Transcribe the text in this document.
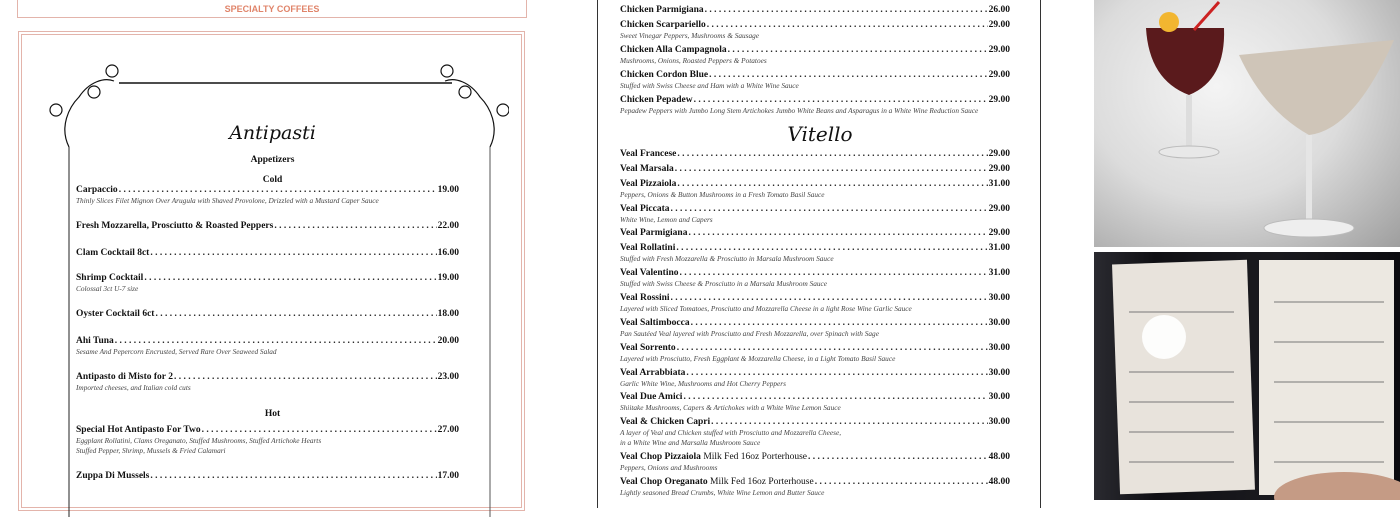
SPECIALTY COFFEES
Antipasti
Appetizers
Cold
Hot
Carpaccio . . .	19.00
Thinly Slices Filet Mignon Over Arugula with Shaved Provolone, Drizzled with a Mustard Caper Sauce
Fresh Mozzarella, Prosciutto & Roasted Peppers . . .	22.00
Clam Cocktail 8ct . . .	16.00
Shrimp Cocktail . . .	19.00
Colossal 3ct U-7 size
Oyster Cocktail 6ct . . .	18.00
Ahi Tuna . . .	20.00
Sesame And Pepercorn Encrusted, Served Rare Over Seaweed Salad
Antipasto di Misto for 2 . . .	23.00
Imported cheeses, and Italian cold cuts
Special Hot Antipasto For Two . . .	27.00
Eggplant Rollatini, Clams Oreganato, Stuffed Mushrooms, Stuffed Artichoke Hearts
Stuffed Pepper, Shrimp, Mussels & Fried Calamari
Zuppa Di Mussels . . .	17.00
Vitello
Chicken Parmigiana . . .	26.00
Chicken Scarpariello . . .	29.00
Sweet Vinegar Peppers, Mushrooms & Sausage
Chicken Alla Campagnola . . .	29.00
Mushrooms, Onions, Roasted Peppers & Potatoes
Chicken Cordon Blue . . .	29.00
Stuffed with Swiss Cheese and Ham with a White Wine Sauce
Chicken Pepadew . . .	29.00
Pepadew Peppers with Jumbo Long Stem Artichokes Jumbo White Beans and Asparagus in a White Wine Reduction Sauce
Veal Francese . . .	29.00
Veal Marsala . . .	29.00
Veal Pizzaiola . . .	31.00
Peppers, Onions & Button Mushrooms in a Fresh Tomato Basil Sauce
Veal Piccata . . .	29.00
White Wine, Lemon and Capers
Veal Parmigiana . . .	29.00
Veal Rollatini . . .	31.00
Stuffed with Fresh Mozzarella & Prosciutto in Marsala Mushroom Sauce
Veal Valentino . . .	31.00
Stuffed with Swiss Cheese & Prosciutto in a Marsala Mushroom Sauce
Veal Rossini . . .	30.00
Layered with Sliced Tomatoes, Prosciutto and Mozzarella Cheese in a light Rose Wine Garlic Sauce
Veal Saltimbocca . . .	30.00
Pan Sautéed Veal layered with Prosciutto and Fresh Mozzarella, over Spinach with Sage
Veal Sorrento . . .	30.00
Layered with Prosciutto, Fresh Eggplant & Mozzarella Cheese, in a Light Tomato Basil Sauce
Veal Arrabbiata . . .	30.00
Garlic White Wine, Mushrooms and Hot Cherry Peppers
Veal Due Amici . . .	30.00
Shiitake Mushrooms, Capers & Artichokes with a White Wine Lemon Sauce
Veal & Chicken Capri . . .	30.00
A layer of Veal and Chicken stuffed with Prosciutto and Mozzarella Cheese,
in a White Wine and Marsalla Mushroom Sauce
Veal Chop Pizzaiola
Milk Fed 16oz Porterhouse . . .	48.00
Peppers, Onions and Mushrooms
Veal Chop Oreganato
Milk Fed 16oz Porterhouse . . .	48.00
Lightly seasoned Bread Crumbs, White Wine Lemon and Butter Sauce
